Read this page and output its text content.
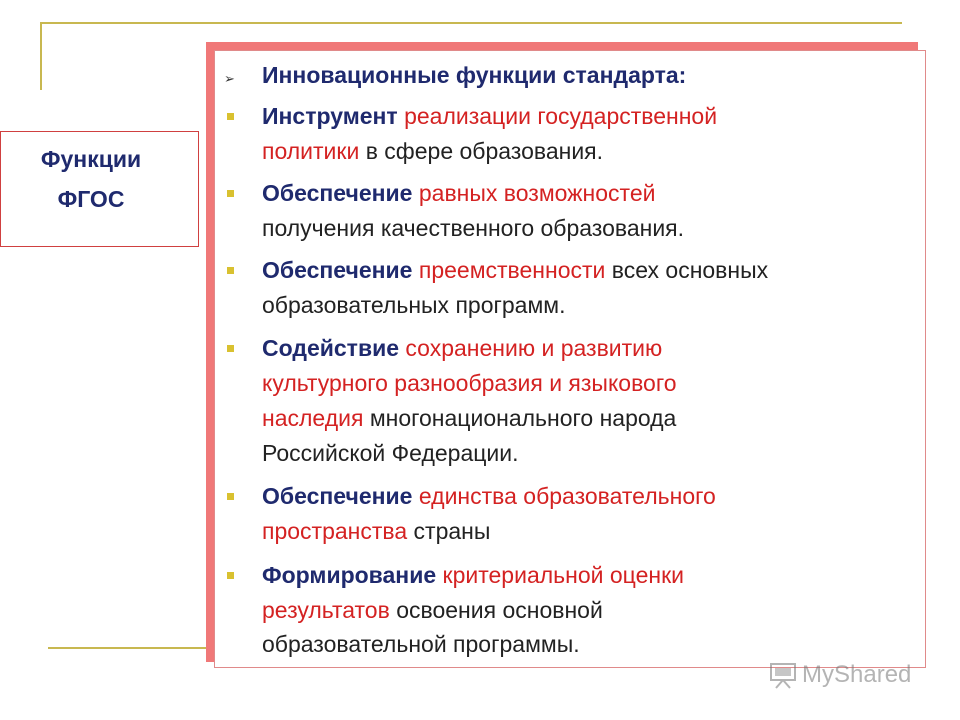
Функции
ФГОС
➢ Инновационные функции стандарта:
Инструмент реализации государственной
политики в сфере образования.
Обеспечение равных возможностей
получения качественного образования.
Обеспечение преемственности всех основных
образовательных программ.
Содействие сохранению и развитию
культурного разнообразия и языкового
наследия многонационального народа
Российской Федерации.
Обеспечение единства образовательного
пространства страны
Формирование критериальной оценки
результатов освоения основной
образовательной программы.
MyShared
